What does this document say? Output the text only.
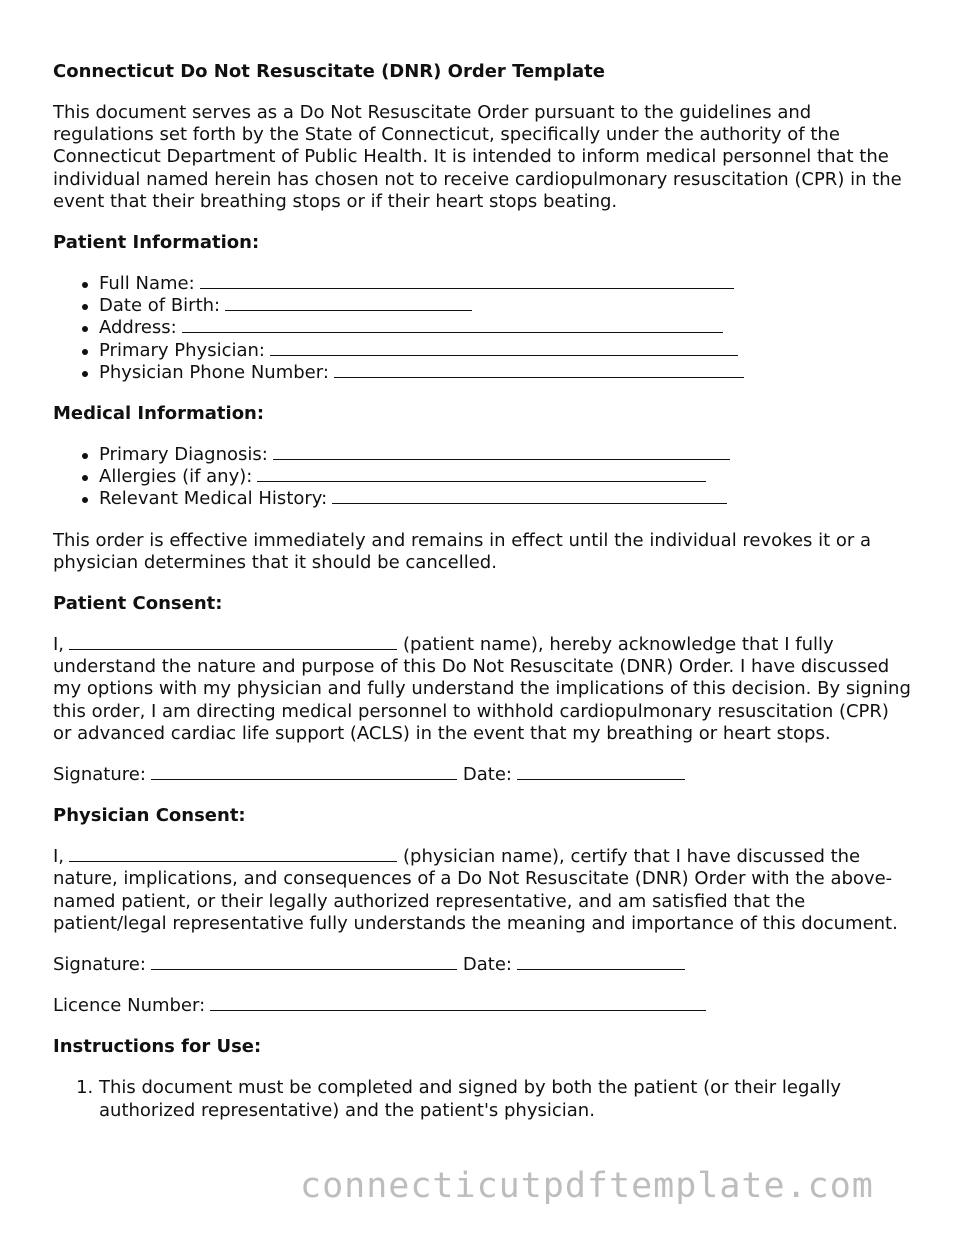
Connecticut Do Not Resuscitate (DNR) Order Template

This document serves as a Do Not Resuscitate Order pursuant to the guidelines and regulations set forth by the State of Connecticut, specifically under the authority of the Connecticut Department of Public Health. It is intended to inform medical personnel that the individual named herein has chosen not to receive cardiopulmonary resuscitation (CPR) in the event that their breathing stops or if their heart stops beating.

Patient Information:
Full Name:
Date of Birth:
Address:
Primary Physician:
Physician Phone Number:
Medical Information:
Primary Diagnosis:
Allergies (if any):
Relevant Medical History:

This order is effective immediately and remains in effect until the individual revokes it or a physician determines that it should be cancelled.

Patient Consent:

I,	(patient name), hereby acknowledge that I fully understand the nature and purpose of this Do Not Resuscitate (DNR) Order. I have discussed my options with my physician and fully understand the implications of this decision. By signing this order, I am directing medical personnel to withhold cardiopulmonary resuscitation (CPR) or advanced cardiac life support (ACLS) in the event that my breathing or heart stops.

Signature:	Date:

Physician Consent:

I,	(physician name), certify that I have discussed the nature, implications, and consequences of a Do Not Resuscitate (DNR) Order with the above-named patient, or their legally authorized representative, and am satisfied that the patient/legal representative fully understands the meaning and importance of this document.

Signature:	Date:

Licence Number:

Instructions for Use:
1. This document must be completed and signed by both the patient (or their legally authorized representative) and the patient's physician.
connecticutpdftemplate.com
